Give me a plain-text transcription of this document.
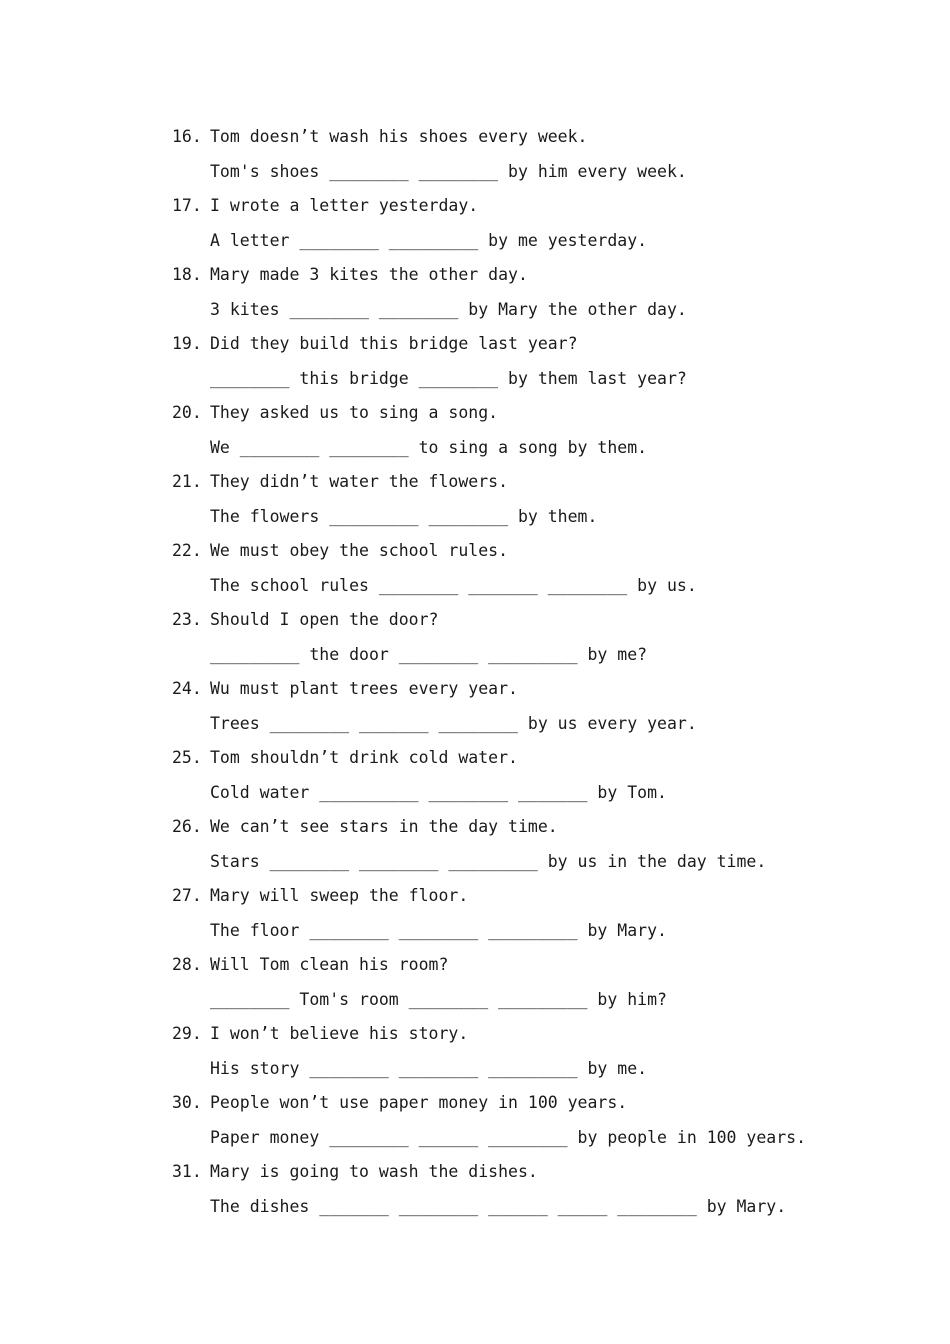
16. Tom doesn’t wash his shoes every week.
Tom's shoes ________ ________ by him every week.
17. I wrote a letter yesterday.
A letter ________ _________ by me yesterday.
18. Mary made 3 kites the other day.
3 kites ________ ________ by Mary the other day.
19. Did they build this bridge last year?
________ this bridge ________ by them last year?
20. They asked us to sing a song.
We ________ ________ to sing a song by them.
21. They didn’t water the flowers.
The flowers _________ ________ by them.
22. We must obey the school rules.
The school rules ________ _______ ________ by us.
23. Should I open the door?
_________ the door ________ _________ by me?
24. Wu must plant trees every year.
Trees ________ _______ ________ by us every year.
25. Tom shouldn’t drink cold water.
Cold water __________ ________ _______ by Tom.
26. We can’t see stars in the day time.
Stars ________ ________ _________ by us in the day time.
27. Mary will sweep the floor.
The floor ________ ________ _________ by Mary.
28. Will Tom clean his room?
________ Tom's room ________ _________ by him?
29. I won’t believe his story.
His story ________ ________ _________ by me.
30. People won’t use paper money in 100 years.
Paper money ________ ______ ________ by people in 100 years.
31. Mary is going to wash the dishes.
The dishes _______ ________ ______ _____ ________ by Mary.
